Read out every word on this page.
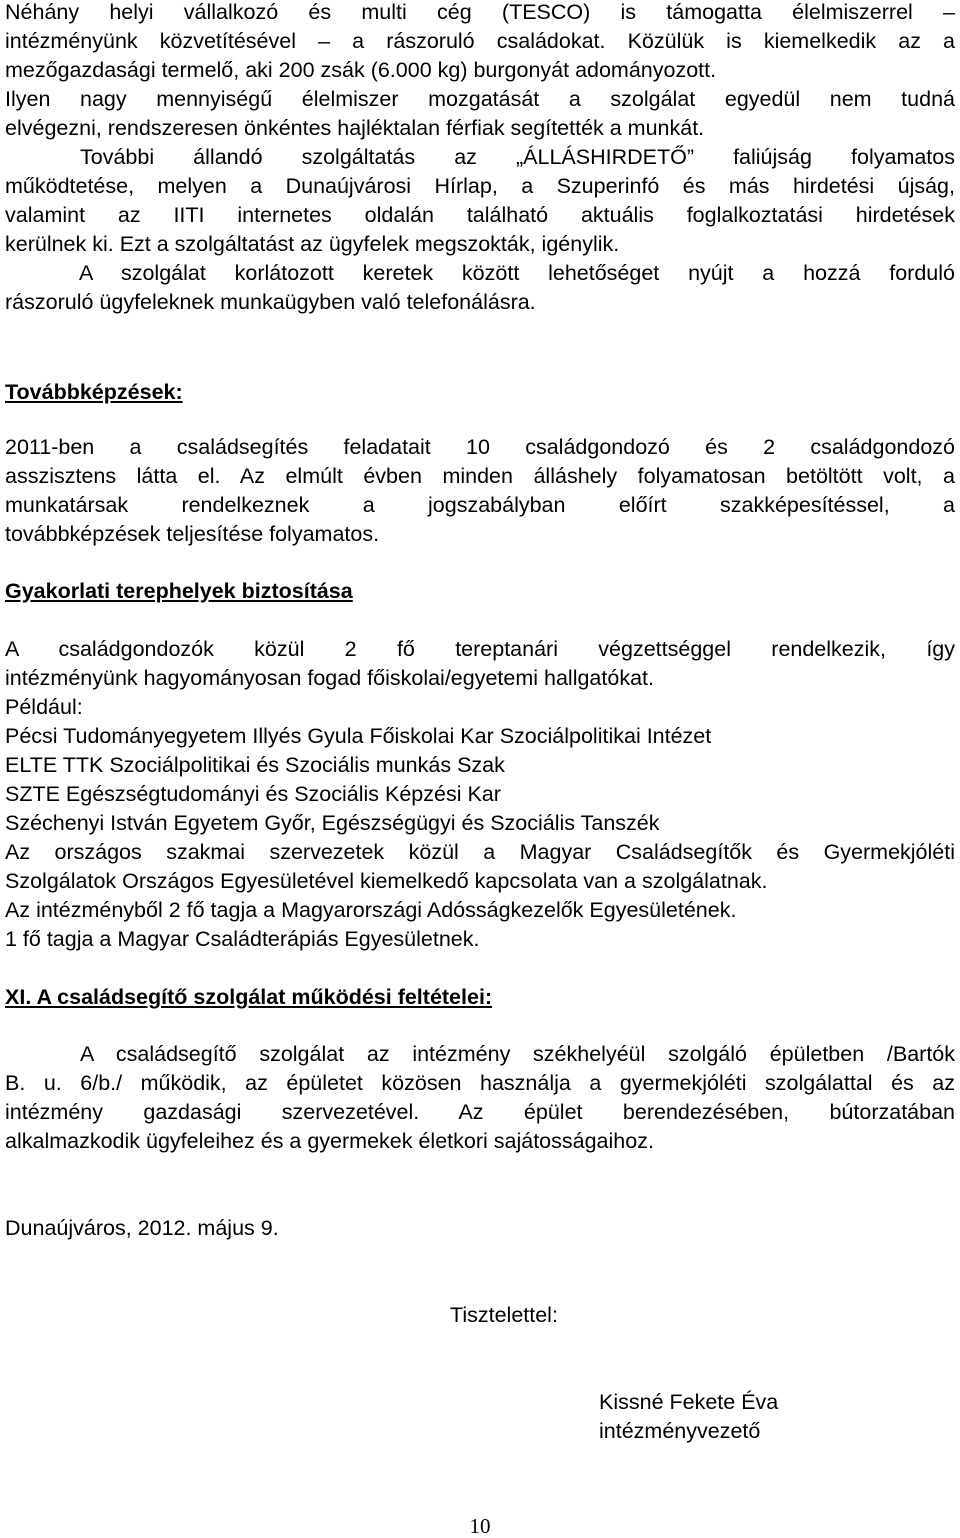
Néhány helyi vállalkozó és multi cég (TESCO) is támogatta élelmiszerrel –
intézményünk közvetítésével – a rászoruló családokat. Közülük is kiemelkedik az a
mezőgazdasági termelő, aki 200 zsák (6.000 kg) burgonyát adományozott.
Ilyen nagy mennyiségű élelmiszer mozgatását a szolgálat egyedül nem tudná
elvégezni, rendszeresen önkéntes hajléktalan férfiak segítették a munkát.
További állandó szolgáltatás az „ÁLLÁSHIRDETŐ” faliújság folyamatos
működtetése, melyen a Dunaújvárosi Hírlap, a Szuperinfó és más hirdetési újság,
valamint az IITI internetes oldalán található aktuális foglalkoztatási hirdetések
kerülnek ki. Ezt a szolgáltatást az ügyfelek megszokták, igénylik.
A szolgálat korlátozott keretek között lehetőséget nyújt a hozzá forduló
rászoruló ügyfeleknek munkaügyben való telefonálásra.
Továbbképzések:
2011-ben a családsegítés feladatait 10 családgondozó és 2 családgondozó
asszisztens látta el. Az elmúlt évben minden álláshely folyamatosan betöltött volt, a
munkatársak rendelkeznek a jogszabályban előírt szakképesítéssel, a
továbbképzések teljesítése folyamatos.
Gyakorlati terephelyek biztosítása
A családgondozók közül 2 fő tereptanári végzettséggel rendelkezik, így
intézményünk hagyományosan fogad főiskolai/egyetemi hallgatókat.
Például:
Pécsi Tudományegyetem Illyés Gyula Főiskolai Kar Szociálpolitikai Intézet
ELTE TTK Szociálpolitikai és Szociális munkás Szak
SZTE Egészségtudományi és Szociális Képzési Kar
Széchenyi István Egyetem Győr, Egészségügyi és Szociális Tanszék
Az országos szakmai szervezetek közül a Magyar Családsegítők és Gyermekjóléti
Szolgálatok Országos Egyesületével kiemelkedő kapcsolata van a szolgálatnak.
Az intézményből 2 fő tagja a Magyarországi Adósságkezelők Egyesületének.
1 fő tagja a Magyar Családterápiás Egyesületnek.
XI. A családsegítő szolgálat működési feltételei:
A családsegítő szolgálat az intézmény székhelyéül szolgáló épületben /Bartók
B. u. 6/b./ működik, az épületet közösen használja a gyermekjóléti szolgálattal és az
intézmény gazdasági szervezetével. Az épület berendezésében, bútorzatában
alkalmazkodik ügyfeleihez és a gyermekek életkori sajátosságaihoz.
Dunaújváros, 2012. május 9.
Tisztelettel:
Kissné Fekete Éva
intézményvezető
10
